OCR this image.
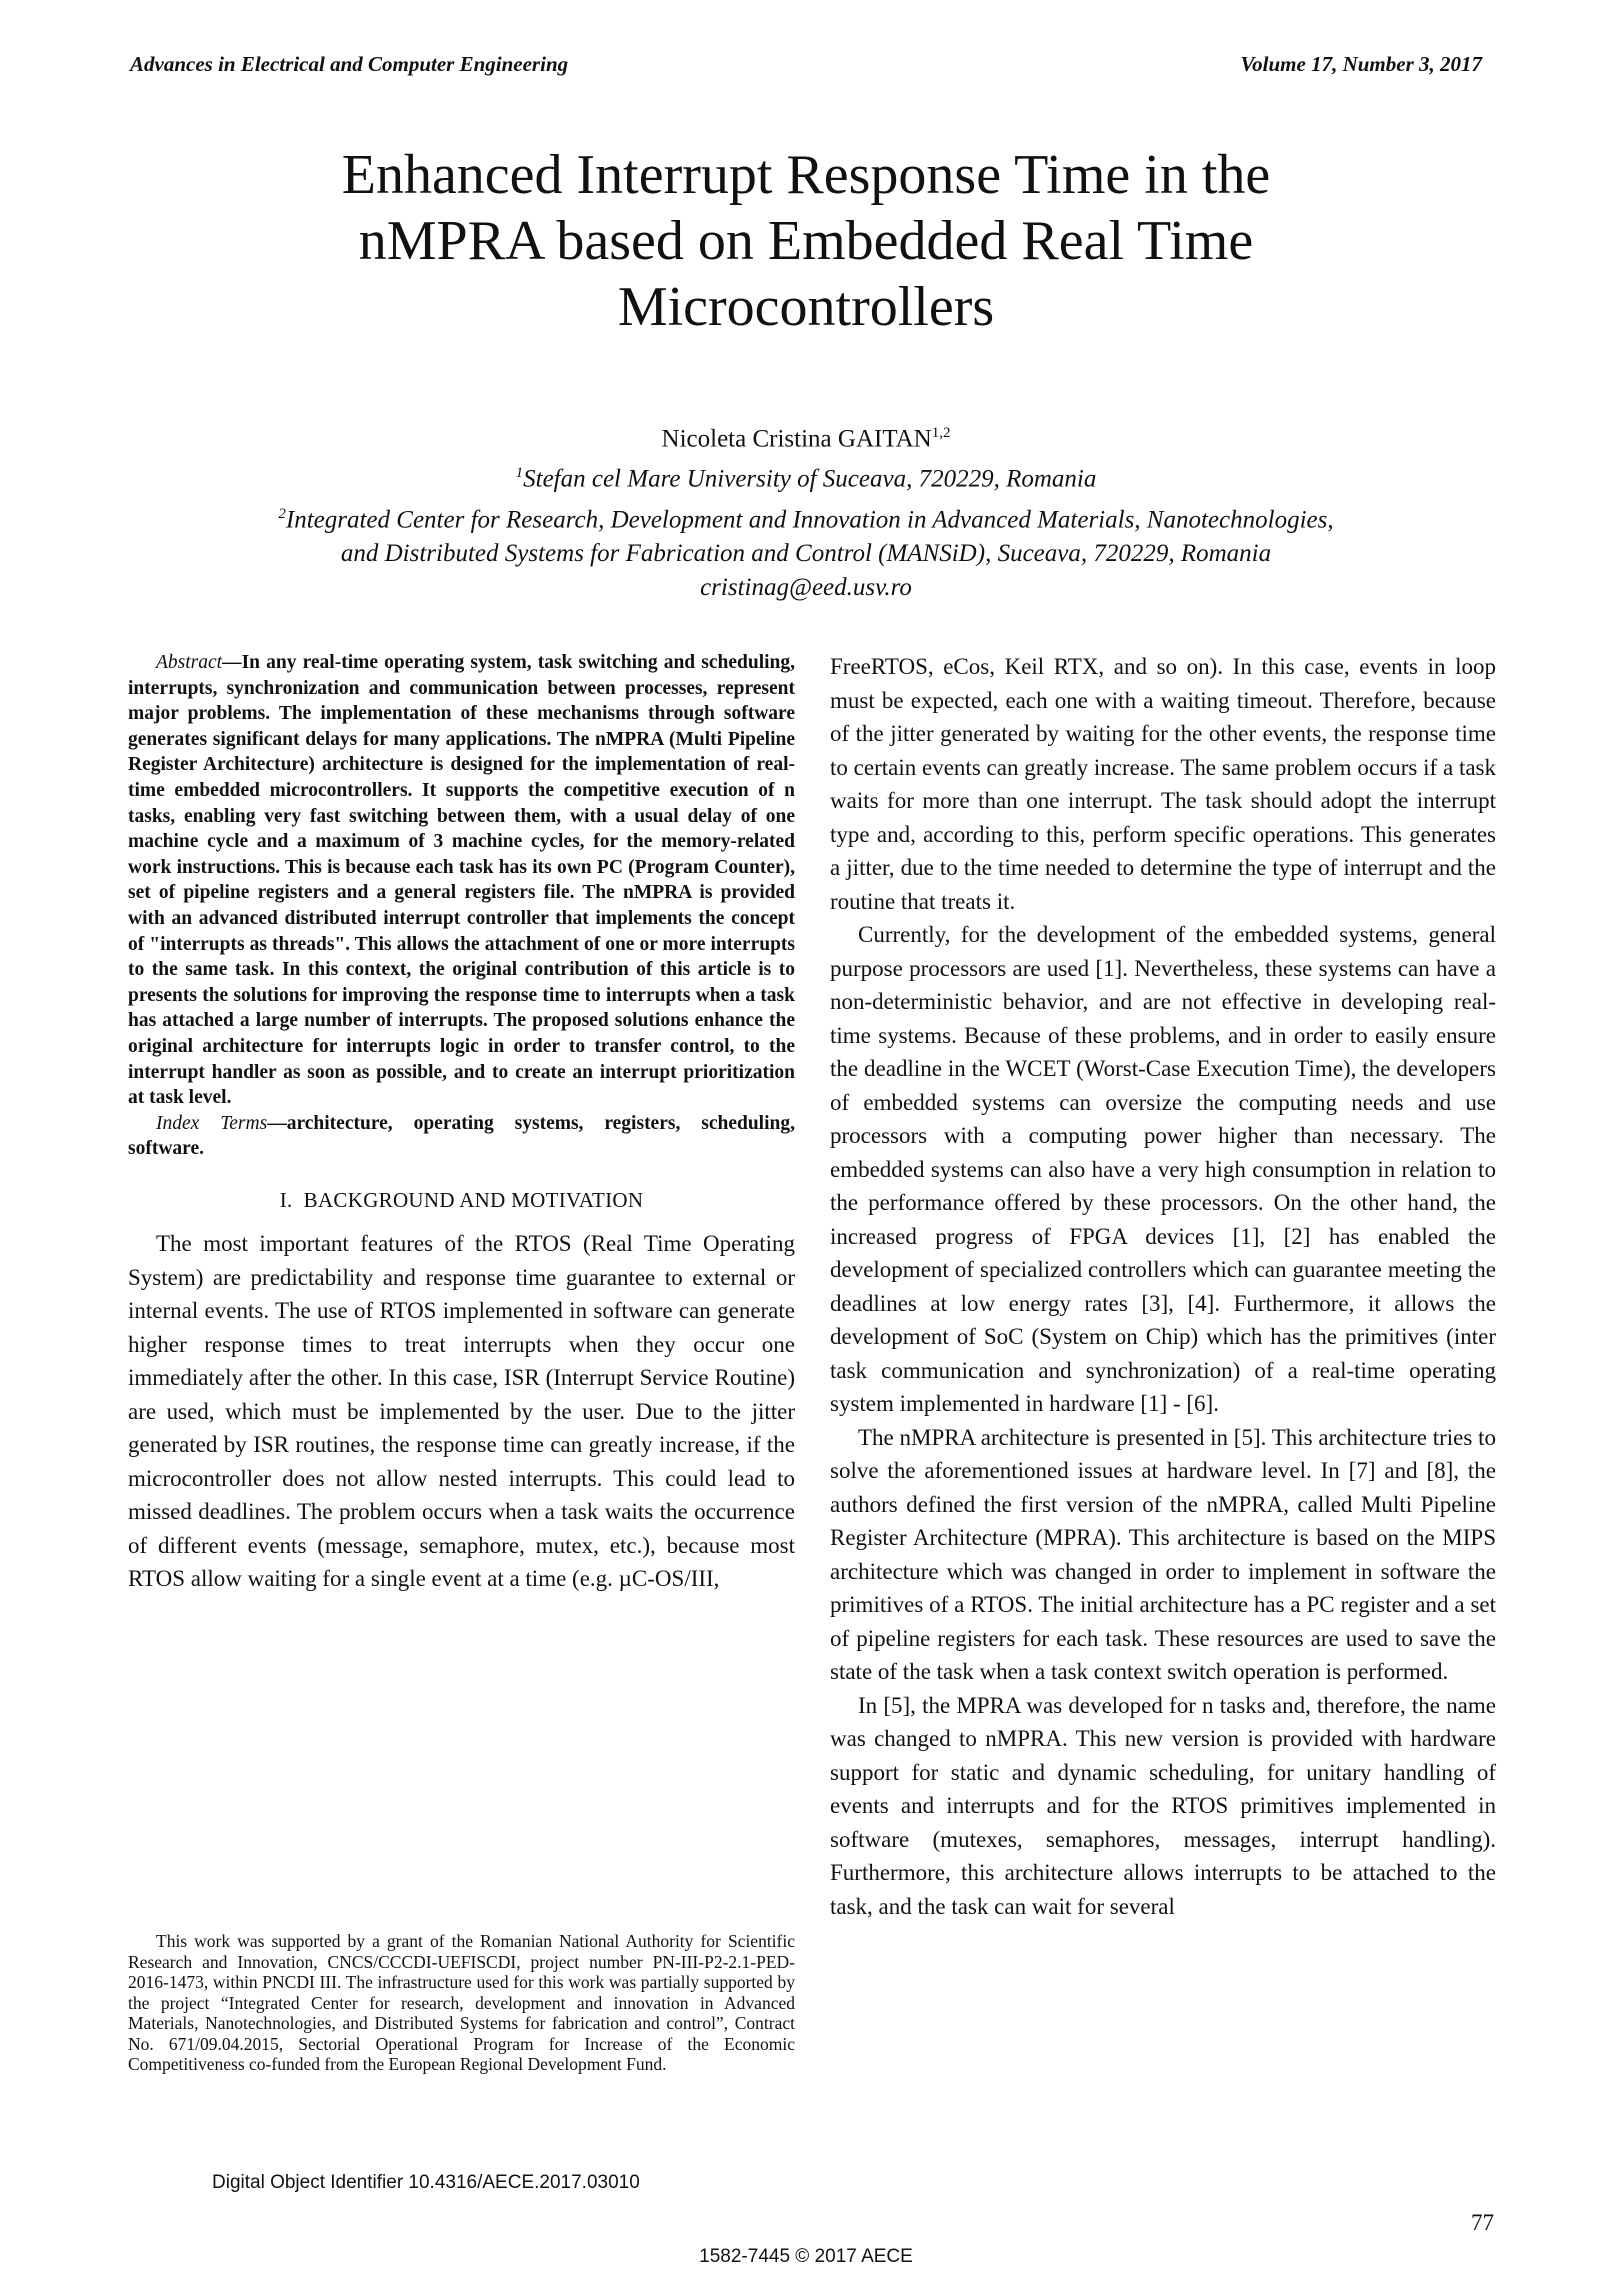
Advances in Electrical and Computer Engineering	Volume 17, Number 3, 2017
Enhanced Interrupt Response Time in the
nMPRA based on Embedded Real Time
Microcontrollers
Nicoleta Cristina GAITAN$^{1,2}$
$^1$Stefan cel Mare University of Suceava, 720229, Romania
$^2$Integrated Center for Research, Development and Innovation in Advanced Materials, Nanotechnologies,
and Distributed Systems for Fabrication and Control (MANSiD), Suceava, 720229, Romania
cristinag@eed.usv.ro

Abstract—In any real-time operating system, task switching and scheduling, interrupts, synchronization and communication between processes, represent major problems. The implementation of these mechanisms through software generates significant delays for many applications. The nMPRA (Multi Pipeline Register Architecture) architecture is designed for the implementation of real-time embedded microcontrollers. It supports the competitive execution of n tasks, enabling very fast switching between them, with a usual delay of one machine cycle and a maximum of 3 machine cycles, for the memory-related work instructions. This is because each task has its own PC (Program Counter), set of pipeline registers and a general registers file. The nMPRA is provided with an advanced distributed interrupt controller that implements the concept of "interrupts as threads". This allows the attachment of one or more interrupts to the same task. In this context, the original contribution of this article is to presents the solutions for improving the response time to interrupts when a task has attached a large number of interrupts. The proposed solutions enhance the original architecture for interrupts logic in order to transfer control, to the interrupt handler as soon as possible, and to create an interrupt prioritization at task level.

Index Terms—architecture, operating systems, registers, scheduling, software.

I. BACKGROUND AND MOTIVATION

The most important features of the RTOS (Real Time Operating System) are predictability and response time guarantee to external or internal events. The use of RTOS implemented in software can generate higher response times to treat interrupts when they occur one immediately after the other. In this case, ISR (Interrupt Service Routine) are used, which must be implemented by the user. Due to the jitter generated by ISR routines, the response time can greatly increase, if the microcontroller does not allow nested interrupts. This could lead to missed deadlines. The problem occurs when a task waits the occurrence of different events (message, semaphore, mutex, etc.), because most RTOS allow waiting for a single event at a time (e.g. µC-OS/III,

FreeRTOS, eCos, Keil RTX, and so on). In this case, events in loop must be expected, each one with a waiting timeout. Therefore, because of the jitter generated by waiting for the other events, the response time to certain events can greatly increase. The same problem occurs if a task waits for more than one interrupt. The task should adopt the interrupt type and, according to this, perform specific operations. This generates a jitter, due to the time needed to determine the type of interrupt and the routine that treats it.

Currently, for the development of the embedded systems, general purpose processors are used [1]. Nevertheless, these systems can have a non-deterministic behavior, and are not effective in developing real-time systems. Because of these problems, and in order to easily ensure the deadline in the WCET (Worst-Case Execution Time), the developers of embedded systems can oversize the computing needs and use processors with a computing power higher than necessary. The embedded systems can also have a very high consumption in relation to the performance offered by these processors. On the other hand, the increased progress of FPGA devices [1], [2] has enabled the development of specialized controllers which can guarantee meeting the deadlines at low energy rates [3], [4]. Furthermore, it allows the development of SoC (System on Chip) which has the primitives (inter task communication and synchronization) of a real-time operating system implemented in hardware [1] - [6].

The nMPRA architecture is presented in [5]. This architecture tries to solve the aforementioned issues at hardware level. In [7] and [8], the authors defined the first version of the nMPRA, called Multi Pipeline Register Architecture (MPRA). This architecture is based on the MIPS architecture which was changed in order to implement in software the primitives of a RTOS. The initial architecture has a PC register and a set of pipeline registers for each task. These resources are used to save the state of the task when a task context switch operation is performed.

In [5], the MPRA was developed for n tasks and, therefore, the name was changed to nMPRA. This new version is provided with hardware support for static and dynamic scheduling, for unitary handling of events and interrupts and for the RTOS primitives implemented in software (mutexes, semaphores, messages, interrupt handling). Furthermore, this architecture allows interrupts to be attached to the task, and the task can wait for several

This work was supported by a grant of the Romanian National Authority for Scientific Research and Innovation, CNCS/CCCDI-UEFISCDI, project number PN-III-P2-2.1-PED-2016-1473, within PNCDI III. The infrastructure used for this work was partially supported by the project “Integrated Center for research, development and innovation in Advanced Materials, Nanotechnologies, and Distributed Systems for fabrication and control”, Contract No. 671/09.04.2015, Sectorial Operational Program for Increase of the Economic Competitiveness co-funded from the European Regional Development Fund.
Digital Object Identifier 10.4316/AECE.2017.03010
77
1582-7445 © 2017 AECE
